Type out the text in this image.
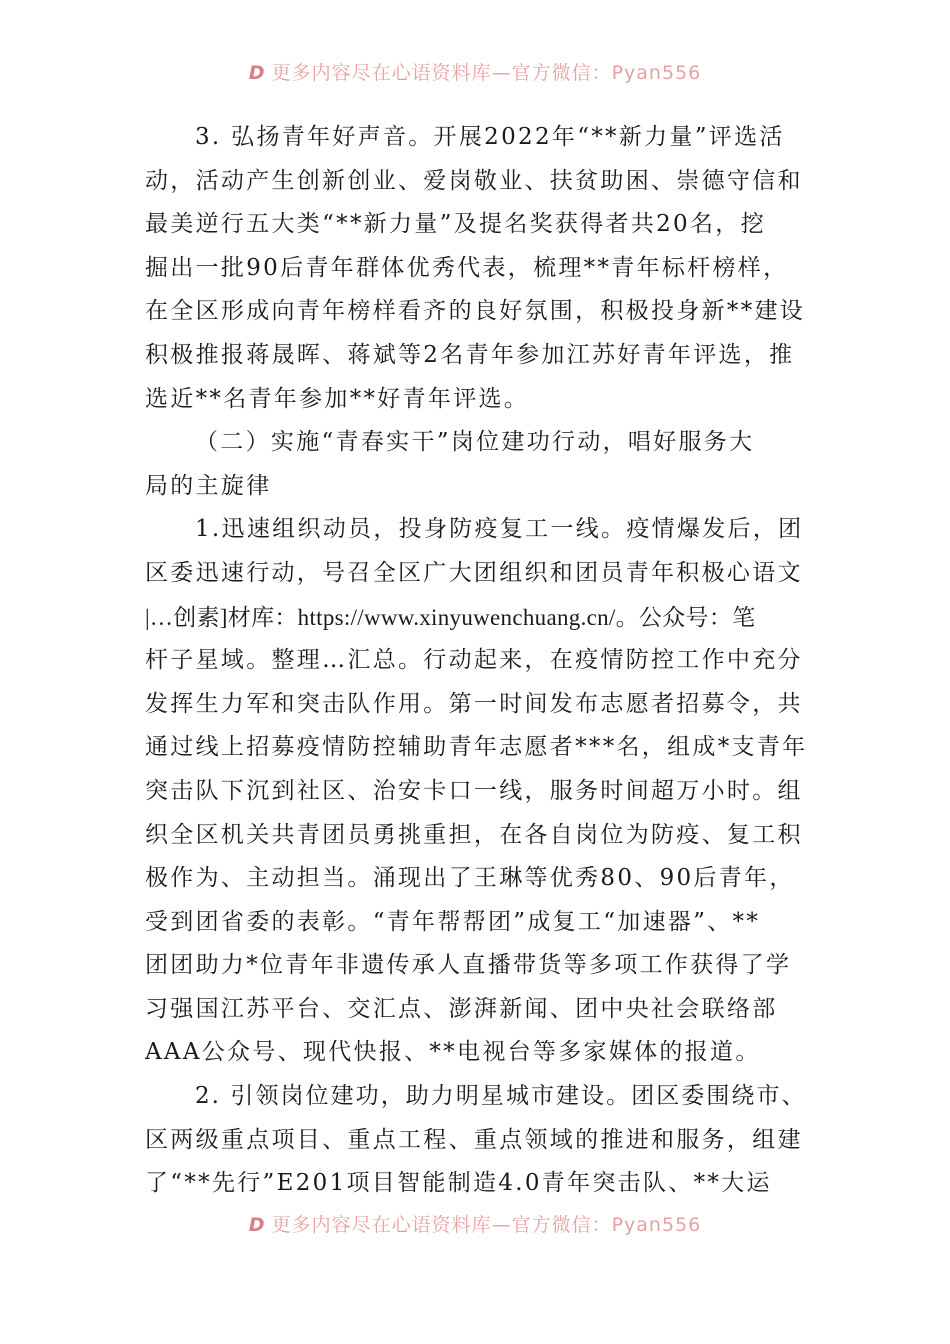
D 更多内容尽在心语资料库—官方微信：Pyan556
3. 弘扬青年好声音。开展2022年“**新力量”评选活
动，活动产生创新创业、爱岗敬业、扶贫助困、崇德守信和
最美逆行五大类“**新力量”及提名奖获得者共20名，挖
掘出一批90后青年群体优秀代表，梳理**青年标杆榜样，
在全区形成向青年榜样看齐的良好氛围，积极投身新**建设
积极推报蒋晟晖、蒋斌等2名青年参加江苏好青年评选，推
选近**名青年参加**好青年评选。
（二）实施“青春实干”岗位建功行动，唱好服务大
局的主旋律
1.迅速组织动员，投身防疫复工一线。疫情爆发后，团
区委迅速行动，号召全区广大团组织和团员青年积极心语文
|…创素]材库：https://www.xinyuwenchuang.cn/。公众号：笔
杆子星域。整理…汇总。行动起来，在疫情防控工作中充分
发挥生力军和突击队作用。第一时间发布志愿者招募令，共
通过线上招募疫情防控辅助青年志愿者***名，组成*支青年
突击队下沉到社区、治安卡口一线，服务时间超万小时。组
织全区机关共青团员勇挑重担，在各自岗位为防疫、复工积
极作为、主动担当。涌现出了王琳等优秀80、90后青年，
受到团省委的表彰。“青年帮帮团”成复工“加速器”、**
团团助力*位青年非遗传承人直播带货等多项工作获得了学
习强国江苏平台、交汇点、澎湃新闻、团中央社会联络部
AAA公众号、现代快报、**电视台等多家媒体的报道。
2. 引领岗位建功，助力明星城市建设。团区委围绕市、
区两级重点项目、重点工程、重点领域的推进和服务，组建
了“**先行”E201项目智能制造4.0青年突击队、**大运
D 更多内容尽在心语资料库—官方微信：Pyan556
